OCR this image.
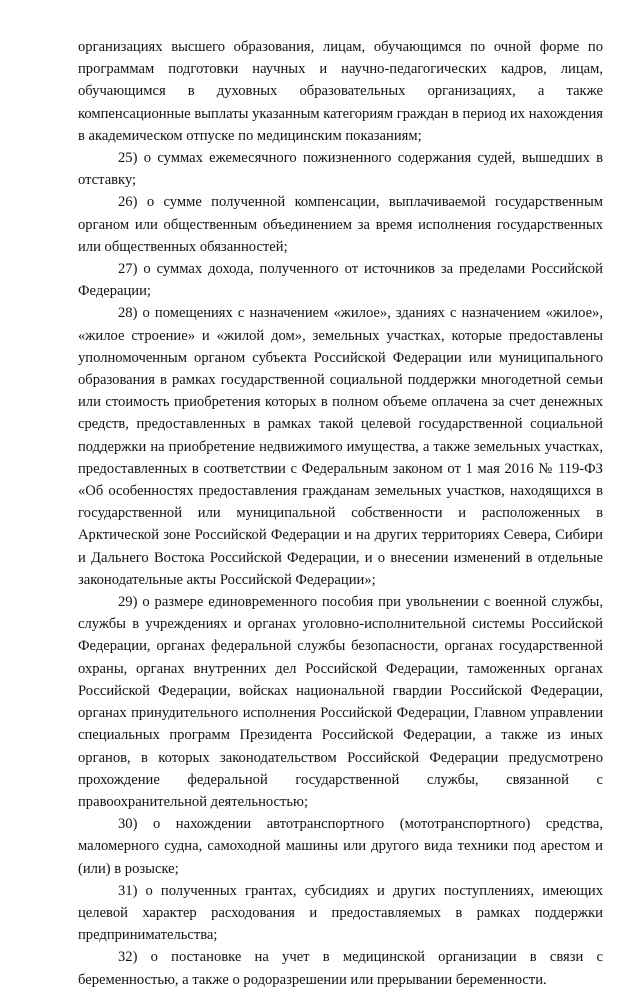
организациях высшего образования, лицам, обучающимся по очной форме по программам подготовки научных и научно-педагогических кадров, лицам, обучающимся в духовных образовательных организациях, а также компенсационные выплаты указанным категориям граждан в период их нахождения в академическом отпуске по медицинским показаниям;

25) о суммах ежемесячного пожизненного содержания судей, вышедших в отставку;

26) о сумме полученной компенсации, выплачиваемой государственным органом или общественным объединением за время исполнения государственных или общественных обязанностей;

27) о суммах дохода, полученного от источников за пределами Российской Федерации;

28) о помещениях с назначением «жилое», зданиях с назначением «жилое», «жилое строение» и «жилой дом», земельных участках, которые предоставлены уполномоченным органом субъекта Российской Федерации или муниципального образования в рамках государственной социальной поддержки многодетной семьи или стоимость приобретения которых в полном объеме оплачена за счет денежных средств, предоставленных в рамках такой целевой государственной социальной поддержки на приобретение недвижимого имущества, а также земельных участках, предоставленных в соответствии с Федеральным законом от 1 мая 2016 № 119-ФЗ «Об особенностях предоставления гражданам земельных участков, находящихся в государственной или муниципальной собственности и расположенных в Арктической зоне Российской Федерации и на других территориях Севера, Сибири и Дальнего Востока Российской Федерации, и о внесении изменений в отдельные законодательные акты Российской Федерации»;

29) о размере единовременного пособия при увольнении с военной службы, службы в учреждениях и органах уголовно-исполнительной системы Российской Федерации, органах федеральной службы безопасности, органах государственной охраны, органах внутренних дел Российской Федерации, таможенных органах Российской Федерации, войсках национальной гвардии Российской Федерации, органах принудительного исполнения Российской Федерации, Главном управлении специальных программ Президента Российской Федерации, а также из иных органов, в которых законодательством Российской Федерации предусмотрено прохождение федеральной государственной службы, связанной с правоохранительной деятельностью;

30) о нахождении автотранспортного (мототранспортного) средства, маломерного судна, самоходной машины или другого вида техники под арестом и (или) в розыске;

31) о полученных грантах, субсидиях и других поступлениях, имеющих целевой характер расходования и предоставляемых в рамках поддержки предпринимательства;

32) о постановке на учет в медицинской организации в связи с беременностью, а также о родоразрешении или прерывании беременности.
